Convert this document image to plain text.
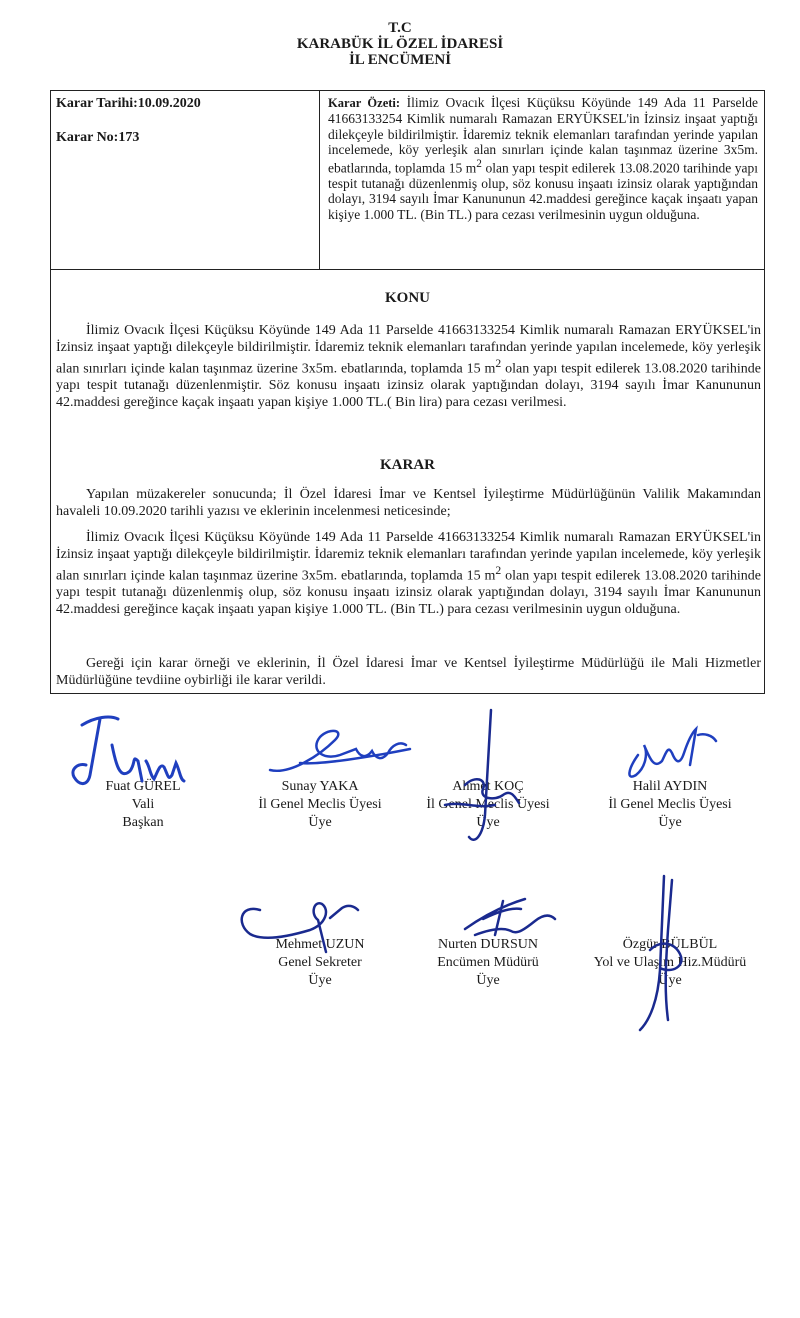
T.C
KARABÜK İL ÖZEL İDARESİ
İL ENCÜMENİ
Karar Tarihi:10.09.2020
Karar No:173
Karar Özeti: İlimiz Ovacık İlçesi Küçüksu Köyünde 149 Ada 11 Parselde 41663133254 Kimlik numaralı Ramazan ERYÜKSEL'in İzinsiz inşaat yaptığı dilekçeyle bildirilmiştir. İdaremiz teknik elemanları tarafından yerinde yapılan incelemede, köy yerleşik alan sınırları içinde kalan taşınmaz üzerine 3x5m. ebatlarında, toplamda 15 $m^2$ olan yapı tespit edilerek 13.08.2020 tarihinde yapı tespit tutanağı düzenlenmiş olup, söz konusu inşaatı izinsiz olarak yaptığından dolayı, 3194 sayılı İmar Kanununun 42.maddesi gereğince kaçak inşaatı yapan kişiye 1.000 TL. (Bin TL.) para cezası verilmesinin uygun olduğuna.
KONU

İlimiz Ovacık İlçesi Küçüksu Köyünde 149 Ada 11 Parselde 41663133254 Kimlik numaralı Ramazan ERYÜKSEL'in İzinsiz inşaat yaptığı dilekçeyle bildirilmiştir. İdaremiz teknik elemanları tarafından yerinde yapılan incelemede, köy yerleşik alan sınırları içinde kalan taşınmaz üzerine 3x5m. ebatlarında, toplamda 15 $m^2$ olan yapı tespit edilerek 13.08.2020 tarihinde yapı tespit tutanağı düzenlenmiştir. Söz konusu inşaatı izinsiz olarak yaptığından dolayı, 3194 sayılı İmar Kanununun 42.maddesi gereğince kaçak inşaatı yapan kişiye 1.000 TL.( Bin lira) para cezası verilmesi.

KARAR

Yapılan müzakereler sonucunda; İl Özel İdaresi İmar ve Kentsel İyileştirme Müdürlüğünün Valilik Makamından havaleli 10.09.2020 tarihli yazısı ve eklerinin incelenmesi neticesinde;

İlimiz Ovacık İlçesi Küçüksu Köyünde 149 Ada 11 Parselde 41663133254 Kimlik numaralı Ramazan ERYÜKSEL'in İzinsiz inşaat yaptığı dilekçeyle bildirilmiştir. İdaremiz teknik elemanları tarafından yerinde yapılan incelemede, köy yerleşik alan sınırları içinde kalan taşınmaz üzerine 3x5m. ebatlarında, toplamda 15 $m^2$ olan yapı tespit edilerek 13.08.2020 tarihinde yapı tespit tutanağı düzenlenmiş olup, söz konusu inşaatı izinsiz olarak yaptığından dolayı, 3194 sayılı İmar Kanununun 42.maddesi gereğince kaçak inşaatı yapan kişiye 1.000 TL. (Bin TL.) para cezası verilmesinin uygun olduğuna.

Gereği için karar örneği ve eklerinin, İl Özel İdaresi İmar ve Kentsel İyileştirme Müdürlüğü ile Mali Hizmetler Müdürlüğüne tevdiine oybirliği ile karar verildi.

Fuat GÜREL
Vali
Başkan
Sunay YAKA
İl Genel Meclis Üyesi
Üye
Ahmet KOÇ
İl Genel Meclis Üyesi
Üye
Halil AYDIN
İl Genel Meclis Üyesi
Üye
Mehmet UZUN
Genel Sekreter
Üye
Nurten DURSUN
Encümen Müdürü
Üye
Özgür BÜLBÜL
Yol ve Ulaşım Hiz.Müdürü
Üye
